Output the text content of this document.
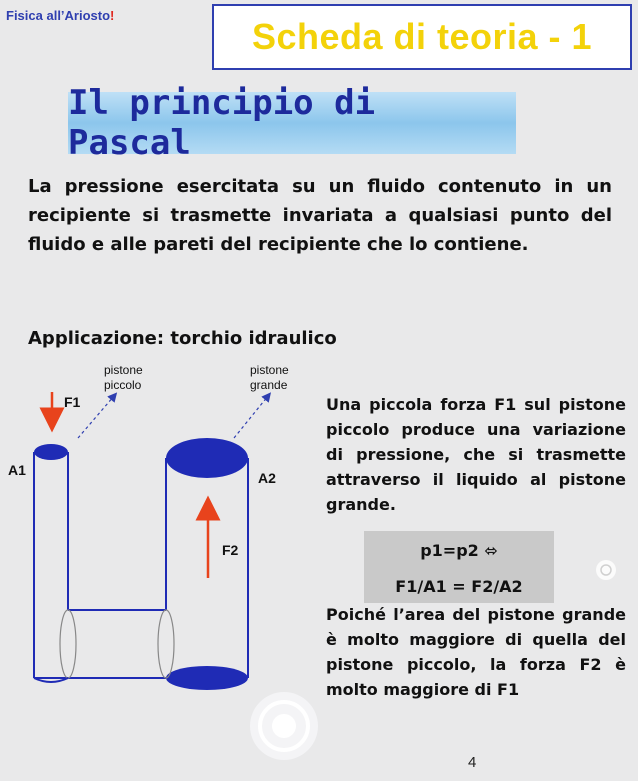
Fisica all’Ariosto!
Scheda di teoria - 1
Il principio di Pascal
La pressione esercitata su un fluido contenuto in un recipiente si trasmette invariata a qualsiasi punto del fluido e alle pareti del recipiente che lo contiene.
Applicazione: torchio idraulico
pistone
piccolo
pistone
grande
F1
F2
A1	A2
Una piccola forza F1 sul pistone piccolo produce una variazione di pressione, che si trasmette attraverso il liquido al pistone grande.
p1=p2 ⬄
F1/A1 = F2/A2
Poiché l’area del pistone grande è molto maggiore di quella del pistone piccolo, la forza F2 è molto maggiore di F1
4
